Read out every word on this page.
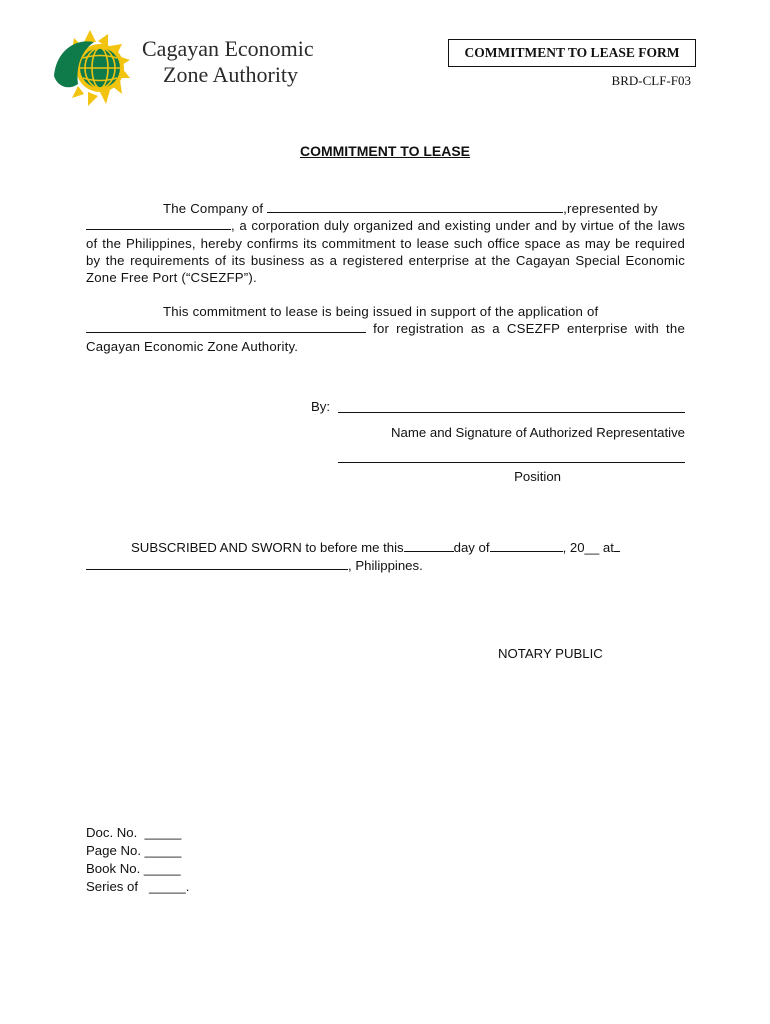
Cagayan Economic
Zone Authority
COMMITMENT TO LEASE FORM
BRD-CLF-F03
COMMITMENT TO LEASE
The Company of	,represented by
, a corporation duly organized and existing under and by virtue of the laws of the Philippines, hereby confirms its commitment to lease such office space as may be required by the requirements of its business as a registered enterprise at the Cagayan Special Economic Zone Free Port (“CSEZFP”).
This commitment to lease is being issued in support of the application of
for registration as a CSEZFP enterprise with the Cagayan Economic Zone Authority.
By:
Name and Signature of Authorized Representative
Position
SUBSCRIBED AND SWORN to before me this	day of	, 20__ at
, Philippines.
NOTARY PUBLIC
Doc. No.  _____
Page No. _____
Book No. _____
Series of   _____.
